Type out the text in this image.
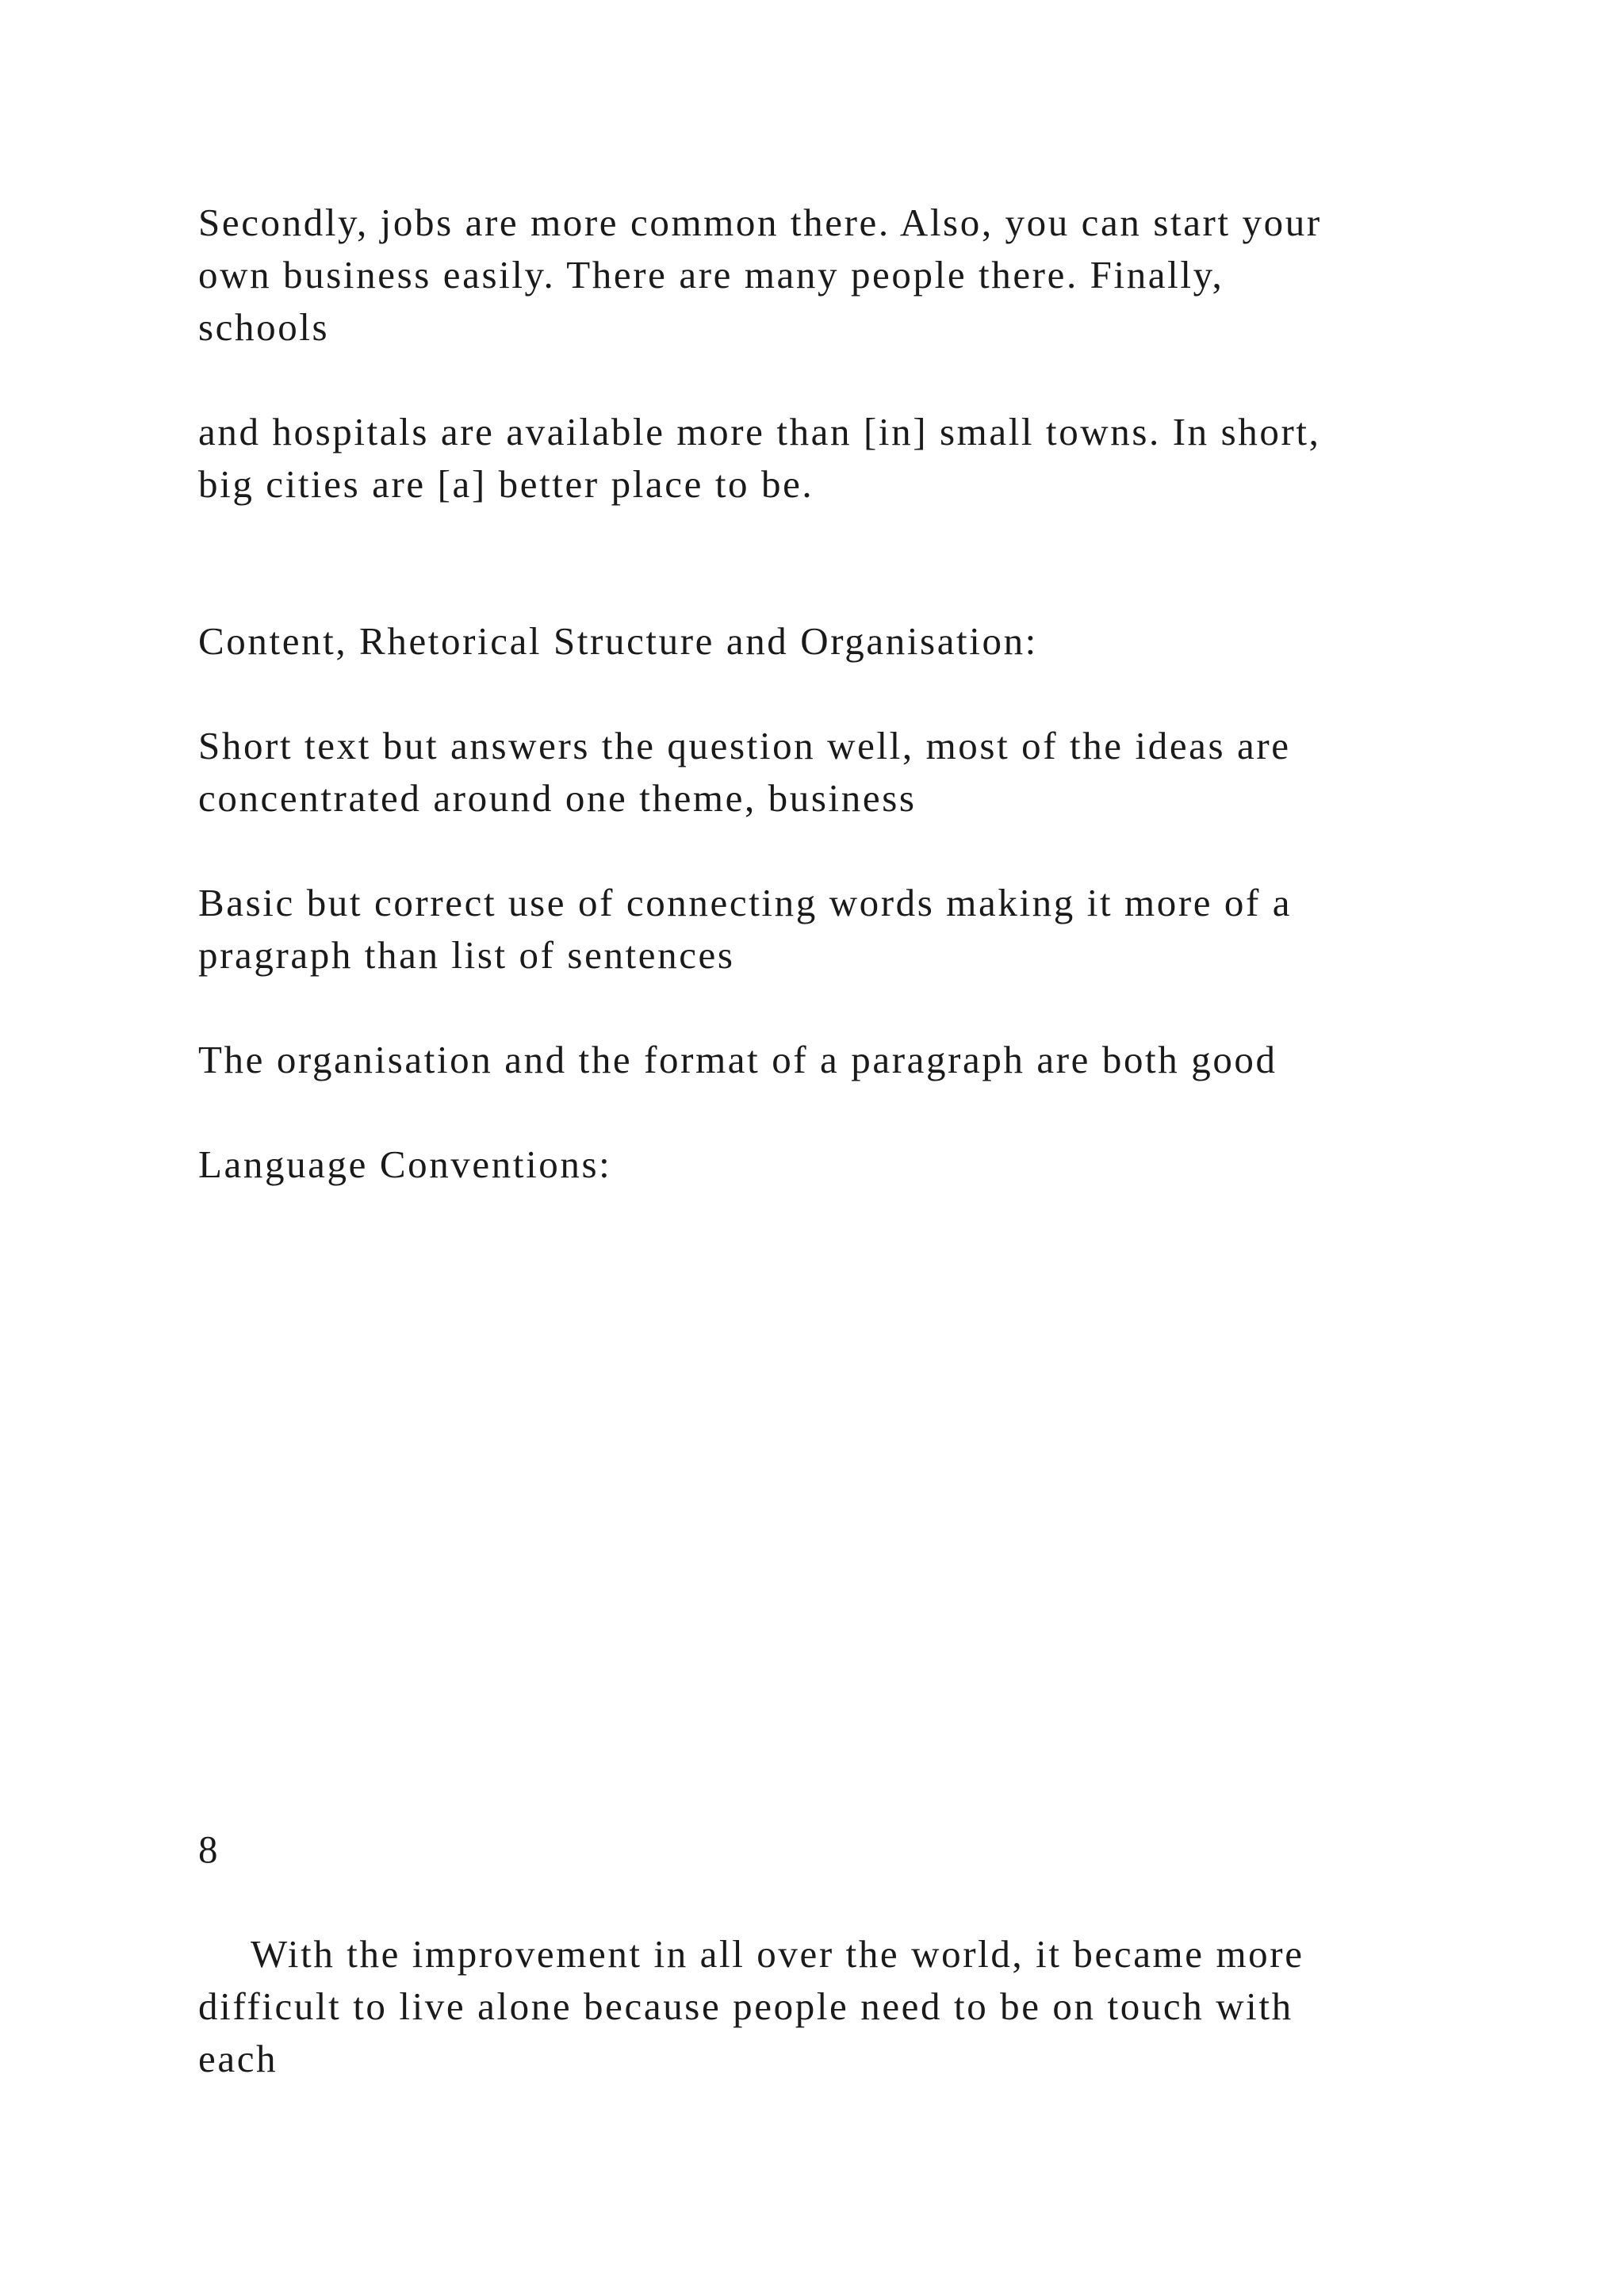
Secondly, jobs are more common there. Also, you can start your
own business easily. There are many people there. Finally,
schools

and hospitals are available more than [in] small towns. In short,
big cities are [a] better place to be.

Content, Rhetorical Structure and Organisation:

Short text but answers the question well, most of the ideas are
concentrated around one theme, business

Basic but correct use of connecting words making it more of a
pragraph than list of sentences

The organisation and the format of a paragraph are both good

Language Conventions:

8

With the improvement in all over the world, it became more
difficult to live alone because people need to be on touch with
each
